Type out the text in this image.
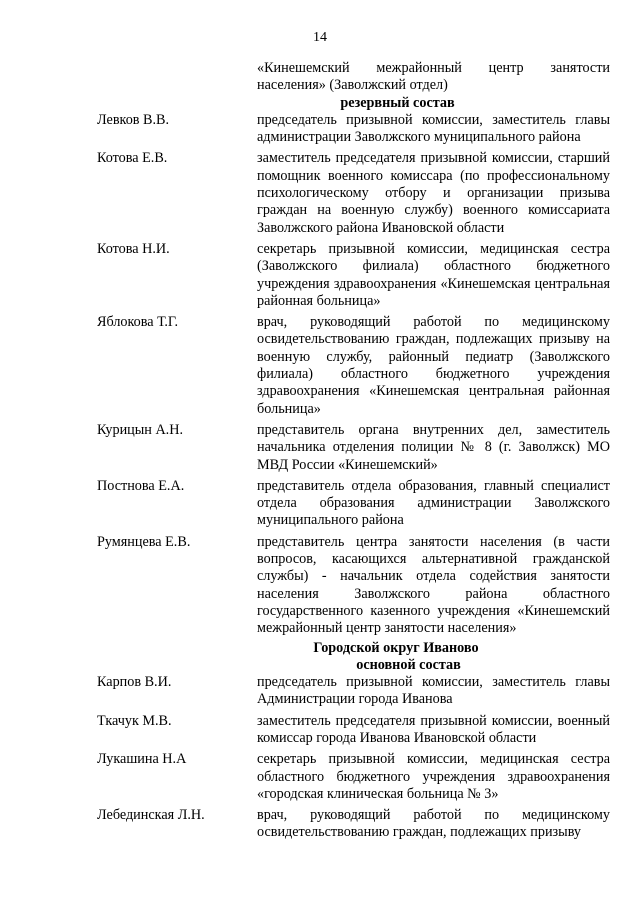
14
«Кинешемский межрайонный центр занятости населения» (Заволжский отдел)
резервный состав
Левков В.В.	председатель призывной комиссии, заместитель главы администрации Заволжского муниципального района
Котова Е.В.	заместитель председателя призывной комиссии, старший помощник военного комиссара (по профессиональному психологическому отбору и организации призыва граждан на военную службу) военного комиссариата Заволжского района Ивановской области
Котова Н.И.	секретарь призывной комиссии, медицинская сестра (Заволжского филиала) областного бюджетного учреждения здравоохранения «Кинешемская центральная районная больница»
Яблокова Т.Г.	врач, руководящий работой по медицинскому освидетельствованию граждан, подлежащих призыву на военную службу, районный педиатр (Заволжского филиала) областного бюджетного учреждения здравоохранения «Кинешемская центральная районная больница»
Курицын А.Н.	представитель органа внутренних дел, заместитель начальника отделения полиции № 8 (г. Заволжск) МО МВД России «Кинешемский»
Постнова Е.А.	представитель отдела образования, главный специалист отдела образования администрации Заволжского муниципального района
Румянцева Е.В.	представитель центра занятости населения (в части вопросов, касающихся альтернативной гражданской службы) - начальник отдела содействия занятости населения Заволжского района областного государственного казенного учреждения «Кинешемский межрайонный центр занятости населения»
Городской округ Иваново
основной состав
Карпов В.И.	председатель призывной комиссии, заместитель главы Администрации города Иванова
Ткачук М.В.	заместитель председателя призывной комиссии, военный комиссар города Иванова Ивановской области
Лукашина Н.А	секретарь призывной комиссии, медицинская сестра областного бюджетного учреждения здравоохранения «городская клиническая больница № 3»
Лебединская Л.Н.	врач, руководящий работой по медицинскому освидетельствованию граждан, подлежащих призыву
